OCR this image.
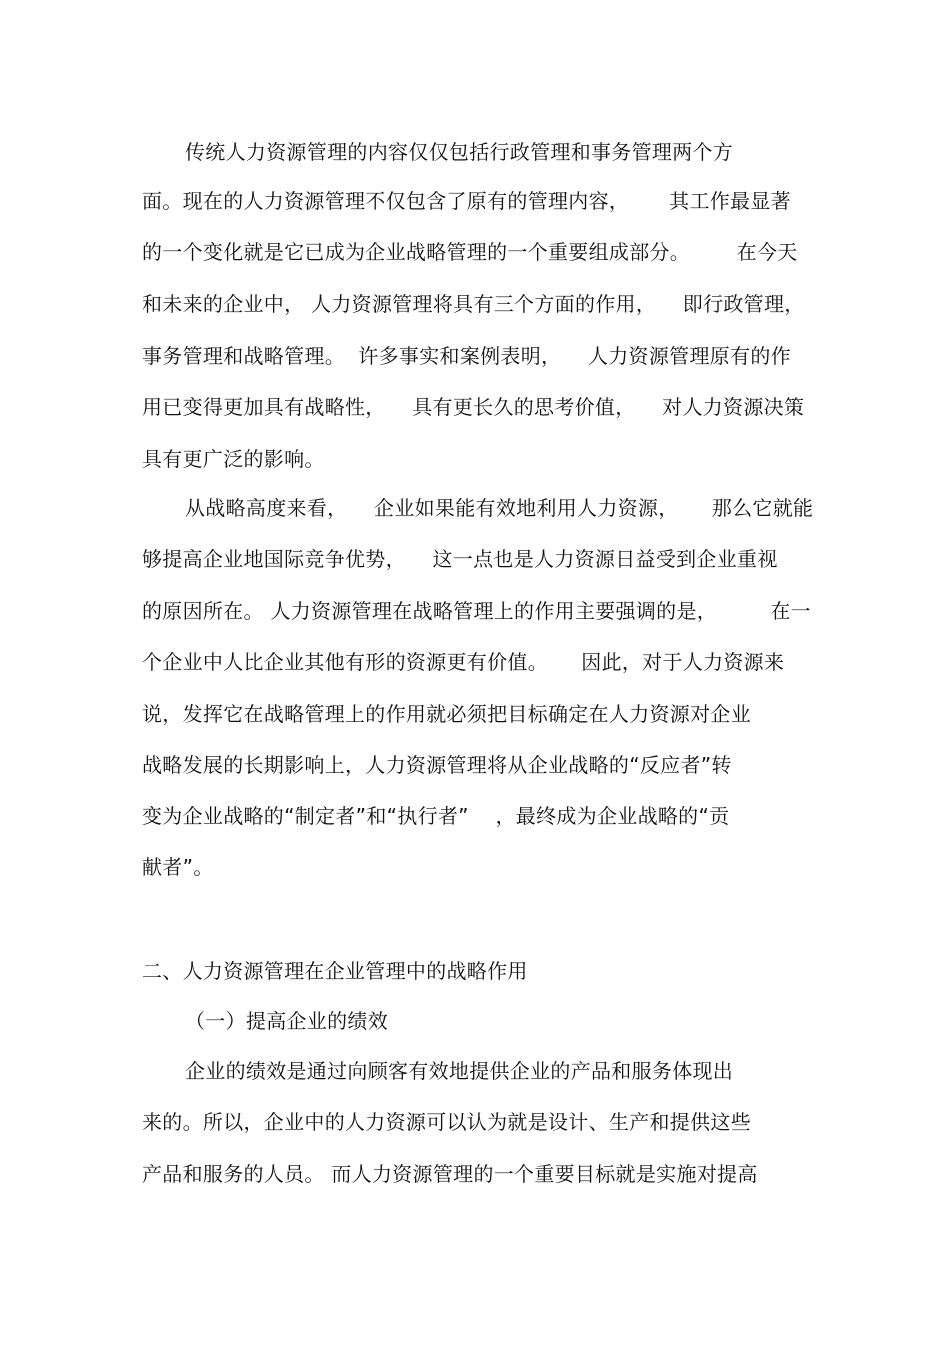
传统人力资源管理的内容仅仅包括行政管理和事务管理两个方
面。现在的人力资源管理不仅包含了原有的管理内容，      其工作最显著
的一个变化就是它已成为企业战略管理的一个重要组成部分。       在今天
和未来的企业中， 人力资源管理将具有三个方面的作用，    即行政管理，
事务管理和战略管理。  许多事实和案例表明，    人力资源管理原有的作
用已变得更加具有战略性，    具有更长久的思考价值，    对人力资源决策
具有更广泛的影响。
从战略高度来看，    企业如果能有效地利用人力资源，     那么它就能
够提高企业地国际竞争优势，    这一点也是人力资源日益受到企业重视
的原因所在。 人力资源管理在战略管理上的作用主要强调的是，        在一
个企业中人比企业其他有形的资源更有价值。     因此，对于人力资源来
说，发挥它在战略管理上的作用就必须把目标确定在人力资源对企业
战略发展的长期影响上，人力资源管理将从企业战略的“反应者”转
变为企业战略的“制定者”和“执行者”    ，最终成为企业战略的“贡
献者”。
二、人力资源管理在企业管理中的战略作用
（一）提高企业的绩效
企业的绩效是通过向顾客有效地提供企业的产品和服务体现出
来的。所以，企业中的人力资源可以认为就是设计、生产和提供这些
产品和服务的人员。 而人力资源管理的一个重要目标就是实施对提高
